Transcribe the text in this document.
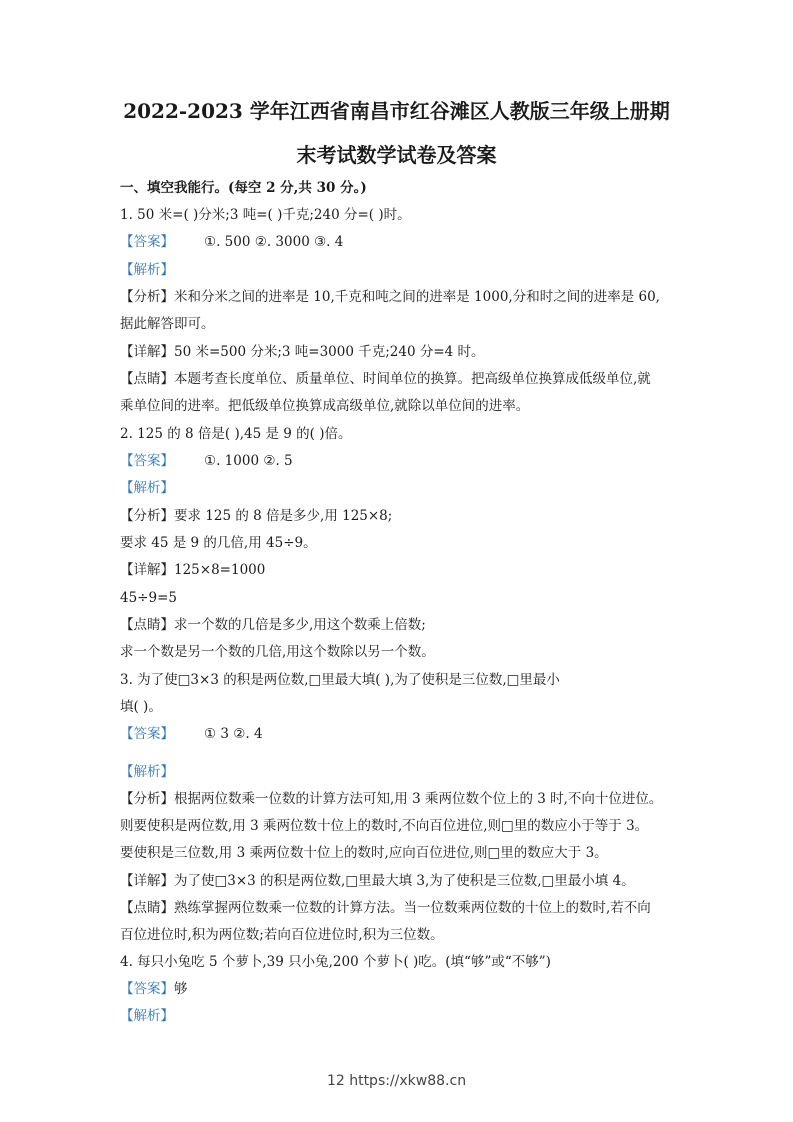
2022-2023 学年江西省南昌市红谷滩区人教版三年级上册期
末考试数学试卷及答案
一、填空我能行。(每空 2 分,共 30 分。)
1. 50 米=( )分米;3 吨=( )千克;240 分=( )时。
【答案】 ①. 500 ②. 3000 ③. 4
【解析】
【分析】米和分米之间的进率是 10,千克和吨之间的进率是 1000,分和时之间的进率是 60,
据此解答即可。
【详解】50 米=500 分米;3 吨=3000 千克;240 分=4 时。
【点睛】本题考查长度单位、质量单位、时间单位的换算。把高级单位换算成低级单位,就
乘单位间的进率。把低级单位换算成高级单位,就除以单位间的进率。
2. 125 的 8 倍是( ),45 是 9 的( )倍。
【答案】 ①. 1000 ②. 5
【解析】
【分析】要求 125 的 8 倍是多少,用 125×8;
要求 45 是 9 的几倍,用 45÷9。
【详解】125×8=1000
45÷9=5
【点睛】求一个数的几倍是多少,用这个数乘上倍数;
求一个数是另一个数的几倍,用这个数除以另一个数。
3. 为了使□3×3 的积是两位数,□里最大填( ),为了使积是三位数,□里最小
填( )。
【答案】 ① 3 ②. 4
【解析】
【分析】根据两位数乘一位数的计算方法可知,用 3 乘两位数个位上的 3 时,不向十位进位。
则要使积是两位数,用 3 乘两位数十位上的数时,不向百位进位,则□里的数应小于等于 3。
要使积是三位数,用 3 乘两位数十位上的数时,应向百位进位,则□里的数应大于 3。
【详解】为了使□3×3 的积是两位数,□里最大填 3,为了使积是三位数,□里最小填 4。
【点睛】熟练掌握两位数乘一位数的计算方法。当一位数乘两位数的十位上的数时,若不向
百位进位时,积为两位数;若向百位进位时,积为三位数。
4. 每只小兔吃 5 个萝卜,39 只小兔,200 个萝卜( )吃。(填“够”或“不够”)
【答案】够
【解析】
12 https://xkw88.cn
